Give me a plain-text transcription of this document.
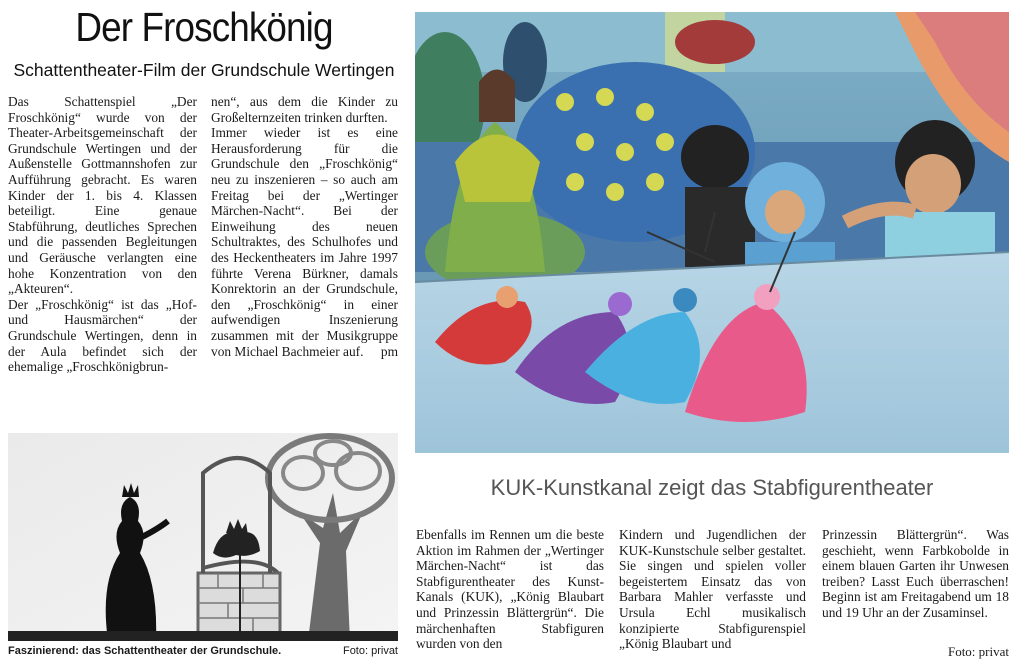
Der Froschkönig
Schattentheater-Film der Grundschule Wertingen

Das Schattenspiel „Der Froschkönig“ wurde von der Theater-Arbeitsgemeinschaft der Grundschule Wertingen und der Außenstelle Gottmannshofen zur Aufführung gebracht. Es waren Kinder der 1. bis 4. Klassen beteiligt. Eine genaue Stabführung, deutliches Sprechen und die passenden Begleitungen und Geräusche verlangten eine hohe Konzentration von den „Akteuren“.

Der „Froschkönig“ ist das „Hof- und Hausmärchen“ der Grundschule Wertingen, denn in der Aula befindet sich der ehemalige „Froschkönigbrun-

nen“, aus dem die Kinder zu Großelternzeiten trinken durften.

Immer wieder ist es eine Herausforderung für die Grundschule den „Froschkönig“ neu zu inszenieren – so auch am Freitag bei der „Wertinger Märchen-Nacht“. Bei der Einweihung des neuen Schultraktes, des Schulhofes und des Heckentheaters im Jahre 1997 führte Verena Bürkner, damals Konrektorin an der Grundschule, den „Froschkönig“ in einer aufwendigen Inszenierung zusammen mit der Musikgruppe von Michael Bachmeier auf. pm

Faszinierend: das Schattentheater der Grundschule.	Foto: privat
KUK-Kunstkanal zeigt das Stabfigurentheater

Ebenfalls im Rennen um die beste Aktion im Rahmen der „Wertinger Märchen-Nacht“ ist das Stabfigurentheater des Kunst-Kanals (KUK), „König Blaubart und Prinzessin Blättergrün“. Die märchenhaften Stabfiguren wurden von den

Kindern und Jugendlichen der KUK-Kunstschule selber gestaltet. Sie singen und spielen voller begeistertem Einsatz das von Barbara Mahler verfasste und Ursula Echl musikalisch konzipierte Stabfigurenspiel „König Blaubart und

Prinzessin Blättergrün“. Was geschieht, wenn Farbkobolde in einem blauen Garten ihr Unwesen treiben? Lasst Euch überraschen! Beginn ist am Freitagabend um 18 und 19 Uhr an der Zusaminsel.

Foto: privat
